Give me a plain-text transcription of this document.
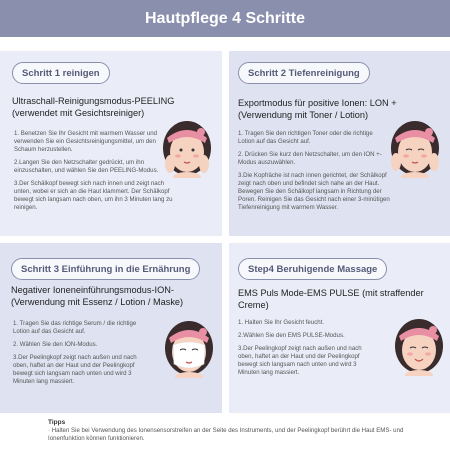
Hautpflege 4 Schritte
Schritt 1 reinigen
Ultraschall-Reinigungsmodus-PEELING (verwendet mit Gesichtsreiniger)

1. Benetzen Sie Ihr Gesicht mit warmem Wasser und verwenden Sie ein Gesichtsreinigungsmittel, um den Schaum herzustellen.

2.Langen Sie den Netzschalter gedrückt, um ihn einzuschalten, und wählen Sie den PEELING-Modus.

3.Der Schälkopf bewegt sich nach innen und zeigt nach unten, wobei er sich an die Haut klammert. Der Schälkopf bewegt sich langsam nach oben, um ihn 3 Minuten lang zu reinigen.

Schritt 2 Tiefenreinigung
Exportmodus für positive Ionen: LON + (Verwendung mit Toner / Lotion)

1. Tragen Sie den richtigen Toner oder die richtige Lotion auf das Gesicht auf.

2. Drücken Sie kurz den Netzschalter, um den ION +-Modus auszuwählen.

3.Die Kopfräche ist nach innen gerichtet, der Schälkopf zeigt nach oben und befindet sich nahe an der Haut. Bewegen Sie den Schälkopf langsam in Richtung der Poren. Reinigen Sie das Gesicht nach einer 3-minütigen Tiefenreinigung mit warmem Wasser.

Schritt 3 Einführung in die Ernährung
Negativer Ioneneinführungsmodus-ION- (Verwendung mit Essenz / Lotion / Maske)

1. Tragen Sie das richtige Serum / die richtige Lotion auf das Gesicht auf.

2. Wählen Sie den ION-Modus.

3.Der Peelingkopf zeigt nach außen und nach oben, haftet an der Haut und der Peelingkopf bewegt sich langsam nach unten und wird 3 Minuten lang massiert.

Step4 Beruhigende Massage
EMS Puls Mode-EMS PULSE (mit straffender Creme)

1. Halten Sie Ihr Gesicht feucht.

2.Wählen Sie den EMS PULSE-Modus.

3.Der Peelingkopf zeigt nach außen und nach oben, haftet an der Haut und der Peelingkopf bewegt sich langsam nach unten und wird 3 Minuten lang massiert.

Tipps

· Halten Sie bei Verwendung des Ionensensorstreifen an der Seite des Instruments, und der Peelingkopf berührt die Haut EMS- und Ionenfunktion können funktionieren.
